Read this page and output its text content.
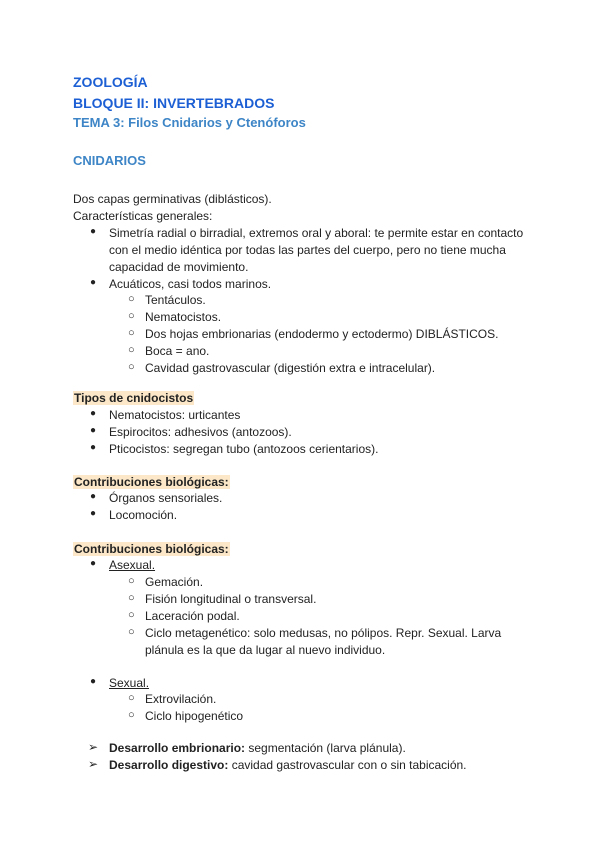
ZOOLOGÍA
BLOQUE II: INVERTEBRADOS
TEMA 3: Filos Cnidarios y Ctenóforos
CNIDARIOS
Dos capas germinativas (diblásticos).
Características generales:
● Simetría radial o birradial, extremos oral y aboral: te permite estar en contacto
con el medio idéntica por todas las partes del cuerpo, pero no tiene mucha
capacidad de movimiento.
● Acuáticos, casi todos marinos.
○ Tentáculos.
○ Nematocistos.
○ Dos hojas embrionarias (endodermo y ectodermo) DIBLÁSTICOS.
○ Boca = ano.
○ Cavidad gastrovascular (digestión extra e intracelular).
Tipos de cnidocistos
● Nematocistos: urticantes
● Espirocitos: adhesivos (antozoos).
● Pticocistos: segregan tubo (antozoos cerientarios).
Contribuciones biológicas:
● Órganos sensoriales.
● Locomoción.
Contribuciones biológicas:
● Asexual.
○ Gemación.
○ Fisión longitudinal o transversal.
○ Laceración podal.
○ Ciclo metagenético: solo medusas, no pólipos. Repr. Sexual. Larva
plánula es la que da lugar al nuevo individuo.
● Sexual.
○ Extrovilación.
○ Ciclo hipogenético
➢ Desarrollo embrionario: segmentación (larva plánula).
➢ Desarrollo digestivo: cavidad gastrovascular con o sin tabicación.
